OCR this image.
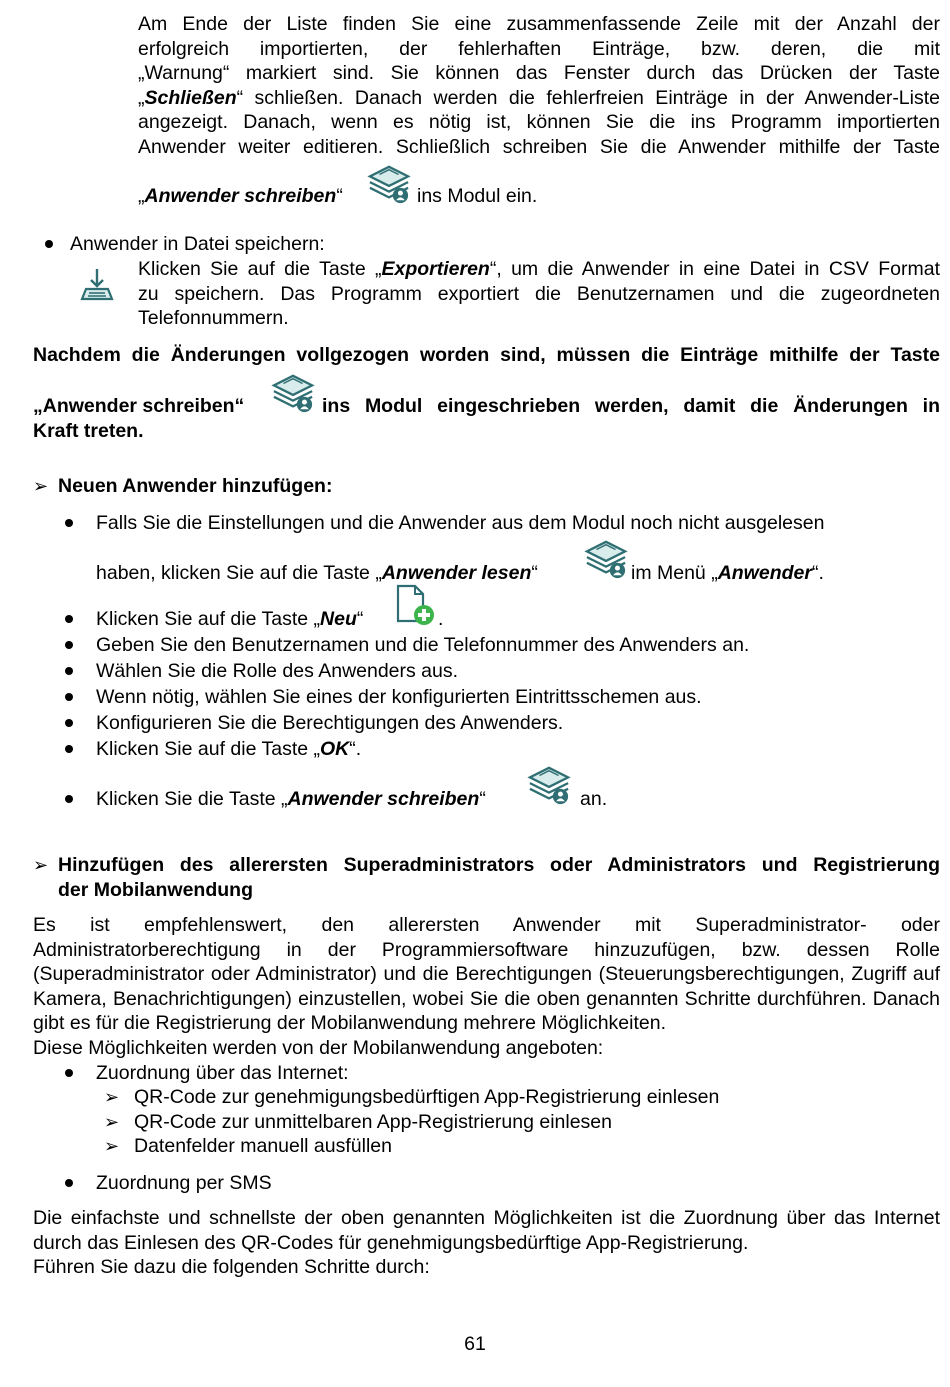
Am Ende der Liste finden Sie eine zusammenfassende Zeile mit der Anzahl der
erfolgreich importierten, der fehlerhaften Einträge, bzw. deren, die mit
„Warnung“ markiert sind. Sie können das Fenster durch das Drücken der Taste
„Schließen“ schließen. Danach werden die fehlerfreien Einträge in der Anwender-Liste
angezeigt. Danach, wenn es nötig ist, können Sie die ins Programm importierten
Anwender weiter editieren. Schließlich schreiben Sie die Anwender mithilfe der Taste
„Anwender schreiben“	ins Modul ein.
Anwender in Datei speichern:
Klicken Sie auf die Taste „Exportieren“, um die Anwender in eine Datei in CSV Format
zu speichern. Das Programm exportiert die Benutzernamen und die zugeordneten
Telefonnummern.
Nachdem die Änderungen vollgezogen worden sind, müssen die Einträge mithilfe der Taste
„Anwender schreiben“	ins Modul eingeschrieben werden, damit die Änderungen in
Kraft treten.
➢ Neuen Anwender hinzufügen:
Falls Sie die Einstellungen und die Anwender aus dem Modul noch nicht ausgelesen
haben, klicken Sie auf die Taste „Anwender lesen“	im Menü „Anwender“.
Klicken Sie auf die Taste „Neu“	.
Geben Sie den Benutzernamen und die Telefonnummer des Anwenders an.
Wählen Sie die Rolle des Anwenders aus.
Wenn nötig, wählen Sie eines der konfigurierten Eintrittsschemen aus.
Konfigurieren Sie die Berechtigungen des Anwenders.
Klicken Sie auf die Taste „OK“.
Klicken Sie die Taste „Anwender schreiben“	an.
➢ Hinzufügen des allerersten Superadministrators oder Administrators und Registrierung
der Mobilanwendung
Es ist empfehlenswert, den allerersten Anwender mit Superadministrator- oder Administratorberechtigung in der Programmiersoftware hinzuzufügen, bzw. dessen Rolle (Superadministrator oder Administrator) und die Berechtigungen (Steuerungsberechtigungen, Zugriff auf Kamera, Benachrichtigungen) einzustellen, wobei Sie die oben genannten Schritte durchführen. Danach gibt es für die Registrierung der Mobilanwendung mehrere Möglichkeiten.
Diese Möglichkeiten werden von der Mobilanwendung angeboten:
Zuordnung über das Internet:
➢ QR-Code zur genehmigungsbedürftigen App-Registrierung einlesen
➢ QR-Code zur unmittelbaren App-Registrierung einlesen
➢ Datenfelder manuell ausfüllen
Zuordnung per SMS
Die einfachste und schnellste der oben genannten Möglichkeiten ist die Zuordnung über das Internet durch das Einlesen des QR-Codes für genehmigungsbedürftige App-Registrierung.
Führen Sie dazu die folgenden Schritte durch:
61
